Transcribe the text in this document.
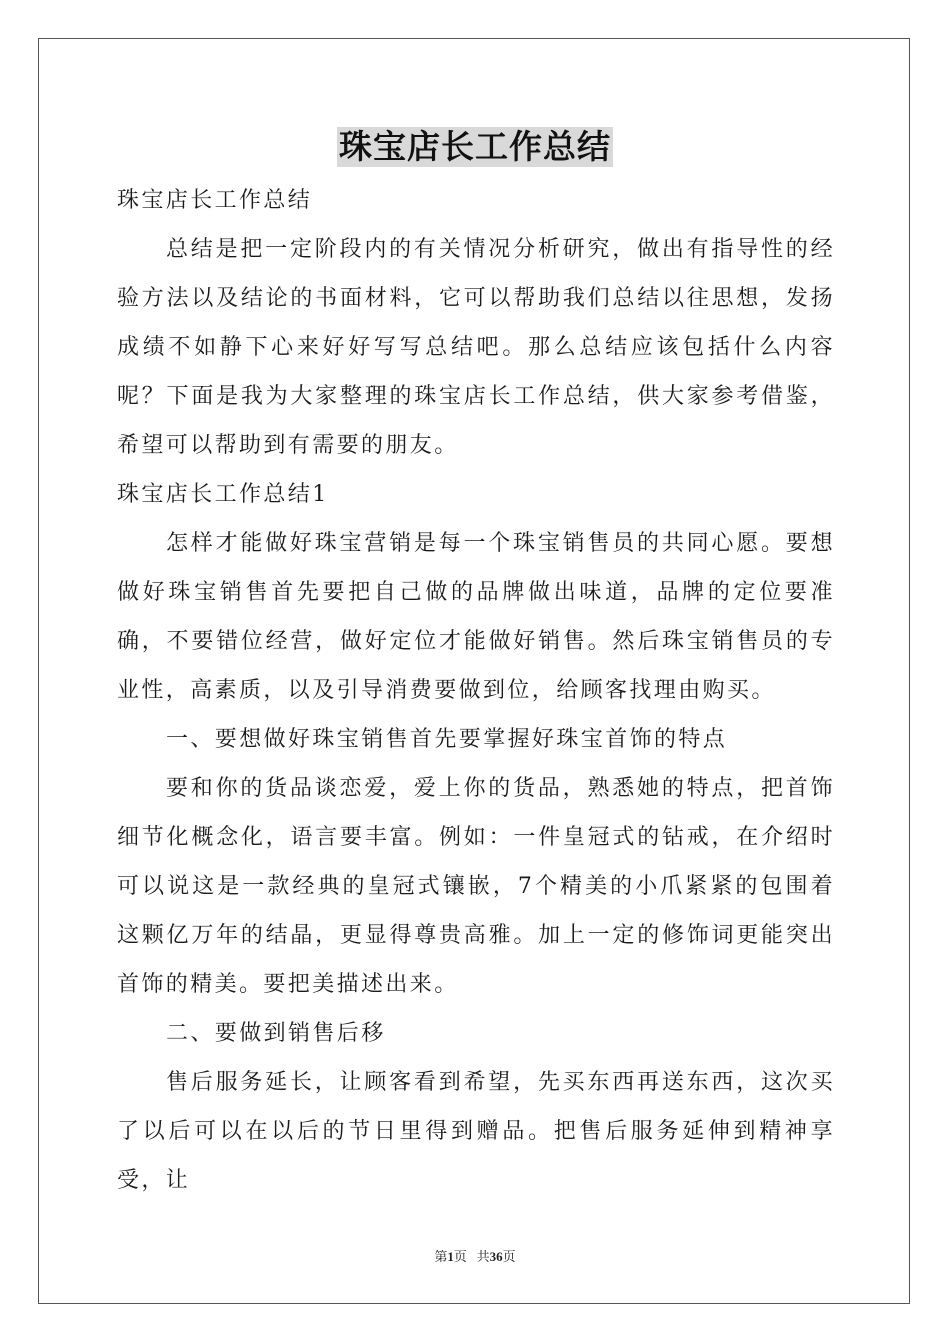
珠宝店长工作总结

珠宝店长工作总结

总结是把一定阶段内的有关情况分析研究，做出有指导性的经验方法以及结论的书面材料，它可以帮助我们总结以往思想，发扬成绩不如静下心来好好写写总结吧。那么总结应该包括什么内容呢？下面是我为大家整理的珠宝店长工作总结，供大家参考借鉴，希望可以帮助到有需要的朋友。

珠宝店长工作总结1

怎样才能做好珠宝营销是每一个珠宝销售员的共同心愿。要想做好珠宝销售首先要把自己做的品牌做出味道，品牌的定位要准确，不要错位经营，做好定位才能做好销售。然后珠宝销售员的专业性，高素质，以及引导消费要做到位，给顾客找理由购买。

一、要想做好珠宝销售首先要掌握好珠宝首饰的特点

要和你的货品谈恋爱，爱上你的货品，熟悉她的特点，把首饰细节化概念化，语言要丰富。例如：一件皇冠式的钻戒，在介绍时可以说这是一款经典的皇冠式镶嵌，7个精美的小爪紧紧的包围着这颗亿万年的结晶，更显得尊贵高雅。加上一定的修饰词更能突出首饰的精美。要把美描述出来。

二、要做到销售后移

售后服务延长，让顾客看到希望，先买东西再送东西，这次买了以后可以在以后的节日里得到赠品。把售后服务延伸到精神享受，让

第1页 共36页
